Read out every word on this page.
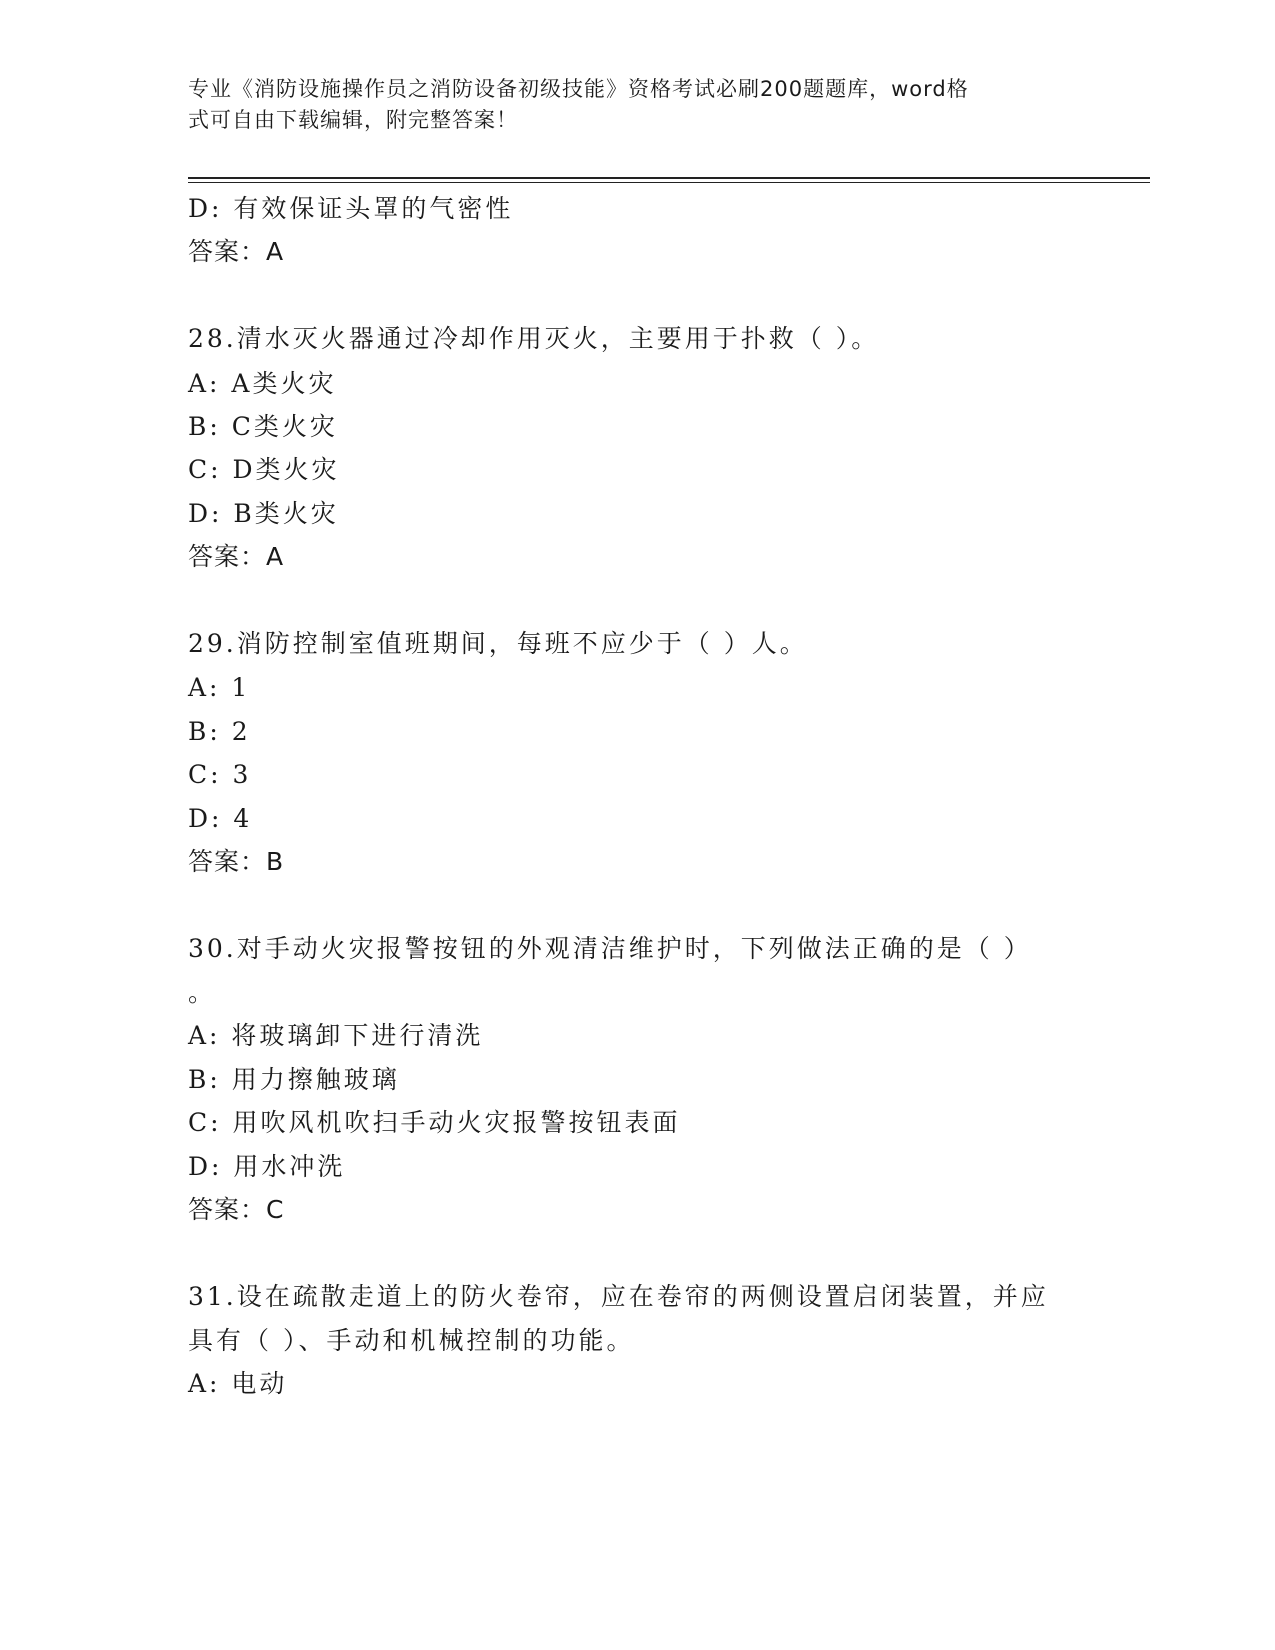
专业《消防设施操作员之消防设备初级技能》资格考试必刷200题题库，word格
式可自由下载编辑，附完整答案！
D: 有效保证头罩的气密性
答案：A
28.清水灭火器通过冷却作用灭火，主要用于扑救（ ）。
A: A类火灾
B: C类火灾
C: D类火灾
D: B类火灾
答案：A
29.消防控制室值班期间，每班不应少于（ ）人。
A: 1
B: 2
C: 3
D: 4
答案：B
30.对手动火灾报警按钮的外观清洁维护时，下列做法正确的是（ ）
。
A: 将玻璃卸下进行清洗
B: 用力擦触玻璃
C: 用吹风机吹扫手动火灾报警按钮表面
D: 用水冲洗
答案：C
31.设在疏散走道上的防火卷帘，应在卷帘的两侧设置启闭装置，并应
具有（ ）、手动和机械控制的功能。
A: 电动
